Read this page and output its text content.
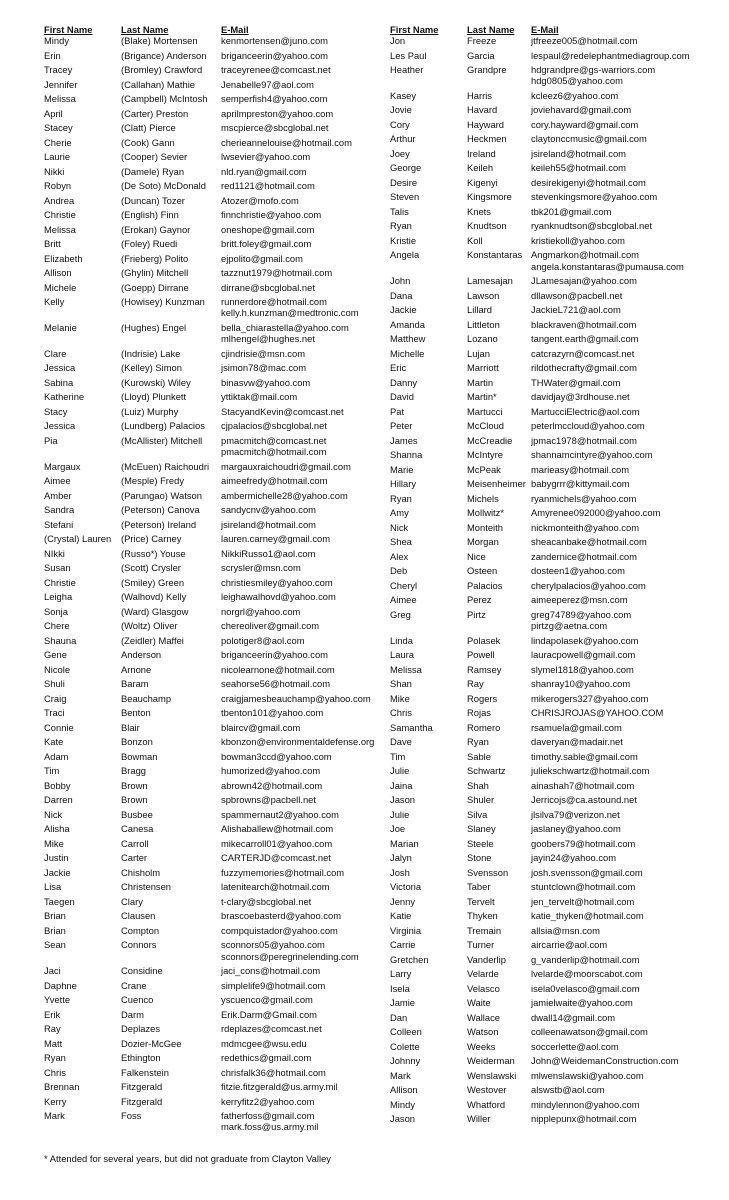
First Name	Last Name	E-Mail
Mindy	(Blake) Mortensen	kenmortensen@juno.com
Erin	(Brigance) Anderson	briganceerin@yahoo.com
Tracey	(Bromley) Crawford	traceyrenee@comcast.net
Jennifer	(Callahan) Mathie	Jenabelle97@aol.com
Melissa	(Campbell) McIntosh	semperfish4@yahoo.com
April	(Carter) Preston	aprilmpreston@yahoo.com
Stacey	(Clatt) Pierce	mscpierce@sbcglobal.net
Cherie	(Cook) Gann	cherieannelouise@hotmail.com
Laurie	(Cooper) Sevier	lwsevier@yahoo.com
Nikki	(Damele) Ryan	nld.ryan@gmail.com
Robyn	(De Soto) McDonald	red1121@hotmail.com
Andrea	(Duncan) Tozer	Atozer@mofo.com
Christie	(English) Finn	finnchristie@yahoo.com
Melissa	(Erokan) Gaynor	oneshope@gmail.com
Britt	(Foley) Ruedi	britt.foley@gmail.com
Elizabeth	(Frieberg) Polito	ejpolito@gmail.com
Allison	(Ghylin) Mitchell	tazznut1979@hotmail.com
Michele	(Goepp) Dirrane	dirrane@sbcglobal.net
Kelly	(Howisey) Kunzman	runnerdore@hotmail.com
kelly.h.kunzman@medtronic.com
Melanie	(Hughes) Engel	bella_chiarastella@yahoo.com
mlhengel@hughes.net
Clare	(Indrisie) Lake	cjindrisie@msn.com
Jessica	(Kelley) Simon	jsimon78@mac.com
Sabina	(Kurowski) Wiley	binasvw@yahoo.com
Katherine	(Lloyd) Plunkett	yttiktak@mail.com
Stacy	(Luiz) Murphy	StacyandKevin@comcast.net
Jessica	(Lundberg) Palacios	cjpalacios@sbcglobal.net
Pia	(McAllister) Mitchell	pmacmitch@comcast.net
pmacmitch@hotmail.com
Margaux	(McEuen) Raichoudri	margauxraichoudri@gmail.com
Aimee	(Mesple) Fredy	aimeefredy@hotmail.com
Amber	(Parungao) Watson	ambermichelle28@yahoo.com
Sandra	(Peterson) Canova	sandycnv@yahoo.com
Stefani	(Peterson) Ireland	jsireland@hotmail.com
(Crystal) Lauren	(Price) Carney	lauren.carney@gmail.com
NIkki	(Russo*) Youse	NikkiRusso1@aol.com
Susan	(Scott) Crysler	scrysler@msn.com
Christie	(Smiley) Green	christiesmiley@yahoo.com
Leigha	(Walhovd) Kelly	leighawalhovd@yahoo.com
Sonja	(Ward) Glasgow	norgrl@yahoo.com
Chere	(Woltz) Oliver	chereoliver@gmail.com
Shauna	(Zeidler) Maffei	polotiger8@aol.com
Gene	Anderson	briganceerin@yahoo.com
Nicole	Arnone	nicolearnone@hotmail.com
Shuli	Baram	seahorse56@hotmail.com
Craig	Beauchamp	craigjamesbeauchamp@yahoo.com
Traci	Benton	tbenton101@yahoo.com
Connie	Blair	blaircv@gmail.com
Kate	Bonzon	kbonzon@environmentaldefense.org
Adam	Bowman	bowman3ccd@yahoo.com
Tim	Bragg	humorized@yahoo.com
Bobby	Brown	abrown42@hotmail.com
Darren	Brown	spbrowns@pacbell.net
Nick	Busbee	spammernaut2@yahoo.com
Alisha	Canesa	Alishaballew@hotmail.com
Mike	Carroll	mikecarroll01@yahoo.com
Justin	Carter	CARTERJD@comcast.net
Jackie	Chisholm	fuzzymemories@hotmail.com
Lisa	Christensen	latenitearch@hotmail.com
Taegen	Clary	t-clary@sbcglobal.net
Brian	Clausen	brascoebasterd@yahoo.com
Brian	Compton	compquistador@yahoo.com
Sean	Connors	sconnors05@yahoo.com
sconnors@peregrinelending.com
Jaci	Considine	jaci_cons@hotmail.com
Daphne	Crane	simplelife9@hotmail.com
Yvette	Cuenco	yscuenco@gmail.com
Erik	Darm	Erik.Darm@Gmail.com
Ray	Deplazes	rdeplazes@comcast.net
Matt	Dozier-McGee	mdmcgee@wsu.edu
Ryan	Ethington	redethics@gmail.com
Chris	Falkenstein	chrisfalk36@hotmail.com
Brennan	Fitzgerald	fitzie.fitzgerald@us.army.mil
Kerry	Fitzgerald	kerryfitz2@yahoo.com
Mark	Foss	fatherfoss@gmail.com
mark.foss@us.army.mil
First Name	Last Name	E-Mail
Jon	Freeze	jtfreeze005@hotmail.com
Les Paul	Garcia	lespaul@redelephantmediagroup.com
Heather	Grandpre	hdgrandpre@gs-warriors.com
hdg0805@yahoo.com
Kasey	Harris	kcleez6@yahoo.com
Jovie	Havard	joviehavard@gmail.com
Cory	Hayward	cory.hayward@gmail.com
Arthur	Heckmen	claytonccmusic@gmail.com
Joey	Ireland	jsireland@hotmail.com
George	Keileh	keileh55@hotmail.com
Desire	Kigenyi	desirekigenyi@hotmail.com
Steven	Kingsmore	stevenkingsmore@yahoo.com
Talis	Knets	tbk201@gmail.com
Ryan	Knudtson	ryanknudtson@sbcglobal.net
Kristie	Koll	kristiekoll@yahoo.com
Angela	Konstantaras Angmarkon@hotmail.com
angela.konstantaras@pumausa.com
John	Lamesajan	JLamesajan@yahoo.com
Dana	Lawson	dllawson@pacbell.net
Jackie	Lillard	JackieL721@aol.com
Amanda	Littleton	blackraven@hotmail.com
Matthew	Lozano	tangent.earth@gmail.com
Michelle	Lujan	catcrazyrn@comcast.net
Eric	Marriott	rildothecrafty@gmail.com
Danny	Martin	THWater@gmail.com
David	Martin*	davidjay@3rdhouse.net
Pat	Martucci	MartucciElectric@aol.com
Peter	McCloud	peterlmccloud@yahoo.com
James	McCreadie	jpmac1978@hotmail.com
Shanna	McIntyre	shannamcintyre@yahoo.com
Marie	McPeak	marieasy@hotmail.com
Hillary	Meisenheimer babygrrr@kittymail.com
Ryan	Michels	ryanmichels@yahoo.com
Amy	Mollwitz*	Amyrenee092000@yahoo.com
Nick	Monteith	nickmonteith@yahoo.com
Shea	Morgan	sheacanbake@hotmail.com
Alex	Nice	zandernice@hotmail.com
Deb	Osteen	dosteen1@yahoo.com
Cheryl	Palacios	cherylpalacios@yahoo.com
Aimee	Perez	aimeeperez@msn.com
Greg	Pirtz	greg74789@yahoo.com
pirtzg@aetna.com
Linda	Polasek	lindapolasek@yahoo.com
Laura	Powell	lauracpowell@gmail.com
Melissa	Ramsey	slymel1818@yahoo.com
Shan	Ray	shanray10@yahoo.com
Mike	Rogers	mikerogers327@yahoo.com
Chris	Rojas	CHRISJROJAS@YAHOO.COM
Samantha	Romero	rsamuela@gmail.com
Dave	Ryan	daveryan@madair.net
Tim	Sable	timothy.sable@gmail.com
Julie	Schwartz	juliekschwartz@hotmail.com
Jaina	Shah	ainashah7@hotmail.com
Jason	Shuler	Jerricojs@ca.astound.net
Julie	Silva	jlsilva79@verizon.net
Joe	Slaney	jaslaney@yahoo.com
Marian	Steele	goobers79@hotmail.com
Jalyn	Stone	jayin24@yahoo.com
Josh	Svensson	josh.svensson@gmail.com
Victoria	Taber	stuntclown@hotmail.com
Jenny	Tervelt	jen_tervelt@hotmail.com
Katie	Thyken	katie_thyken@hotmail.com
Virginia	Tremain	allsia@msn.com
Carrie	Turner	aircarrie@aol.com
Gretchen	Vanderlip	g_vanderlip@hotmail.com
Larry	Velarde	lvelarde@moorscabot.com
Isela	Velasco	isela0velasco@gmail.com
Jamie	Waite	jamielwaite@yahoo.com
Dan	Wallace	dwall14@gmail.com
Colleen	Watson	colleenawatson@gmail.com
Colette	Weeks	soccerlette@aol.com
Johnny	Weiderman	John@WeidemanConstruction.com
Mark	Wenslawski	mlwenslawski@yahoo.com
Allison	Westover	alswstb@aol.com
Mindy	Whatford	mindylennon@yahoo.com
Jason	Willer	nipplepunx@hotmail.com
* Attended for several years, but did not graduate from Clayton Valley
